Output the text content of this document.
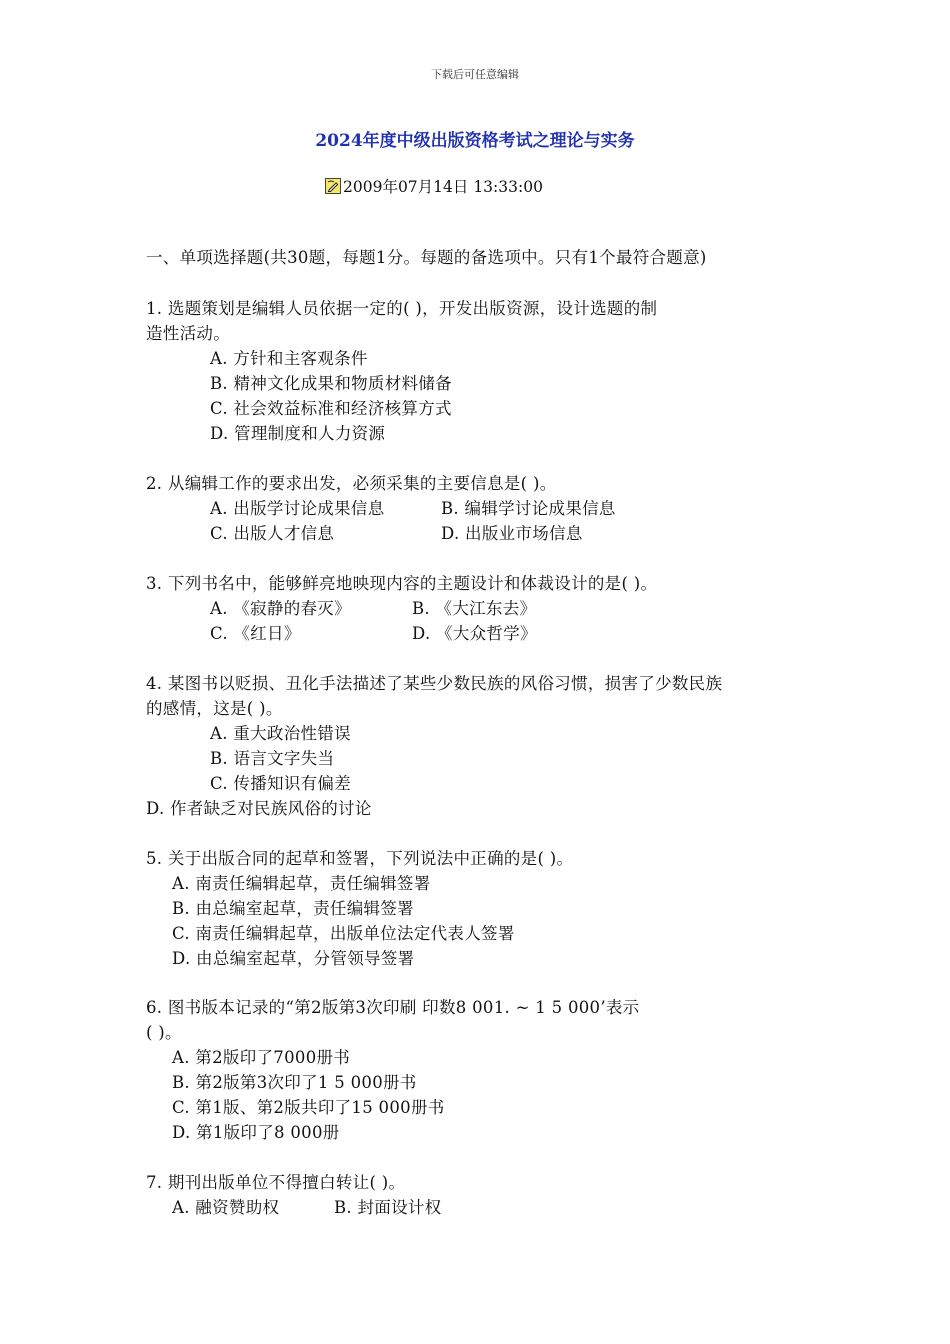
下载后可任意编辑
2024年度中级出版资格考试之理论与实务
2009年07月14日 13:33:00
一、单项选择题(共30题，每题1分。每题的备选项中。只有1个最符合题意)
1. 选题策划是编辑人员依据一定的( )，开发出版资源，设计选题的制
造性活动。
A. 方针和主客观条件
B. 精神文化成果和物质材料储备
C. 社会效益标准和经济核算方式
D. 管理制度和人力资源
2. 从编辑工作的要求出发，必须采集的主要信息是( )。
A. 出版学讨论成果信息	B. 编辑学讨论成果信息
C. 出版人才信息	D. 出版业市场信息
3. 下列书名中，能够鲜亮地映现内容的主题设计和体裁设计的是( )。
A. 《寂静的春灭》	B. 《大江东去》
C. 《红日》	D. 《大众哲学》
4. 某图书以贬损、丑化手法描述了某些少数民族的风俗习惯，损害了少数民族
的感情，这是( )。
A. 重大政治性错误
B. 语言文字失当
C. 传播知识有偏差
D. 作者缺乏对民族风俗的讨论
5. 关于出版合同的起草和签署，下列说法中正确的是( )。
A. 南责任编辑起草，责任编辑签署
B. 由总编室起草，责任编辑签署
C. 南责任编辑起草，出版单位法定代表人签署
D. 由总编室起草，分管领导签署
6. 图书版本记录的“第2版第3次印刷 印数8 001. ~ 1 5 000’表示
( )。
A. 第2版印了7000册书
B. 第2版第3次印了1 5 000册书
C. 第1版、第2版共印了15 000册书
D. 第1版印了8 000册
7. 期刊出版单位不得擅白转让( )。
A. 融资赞助权	B. 封面设计权
